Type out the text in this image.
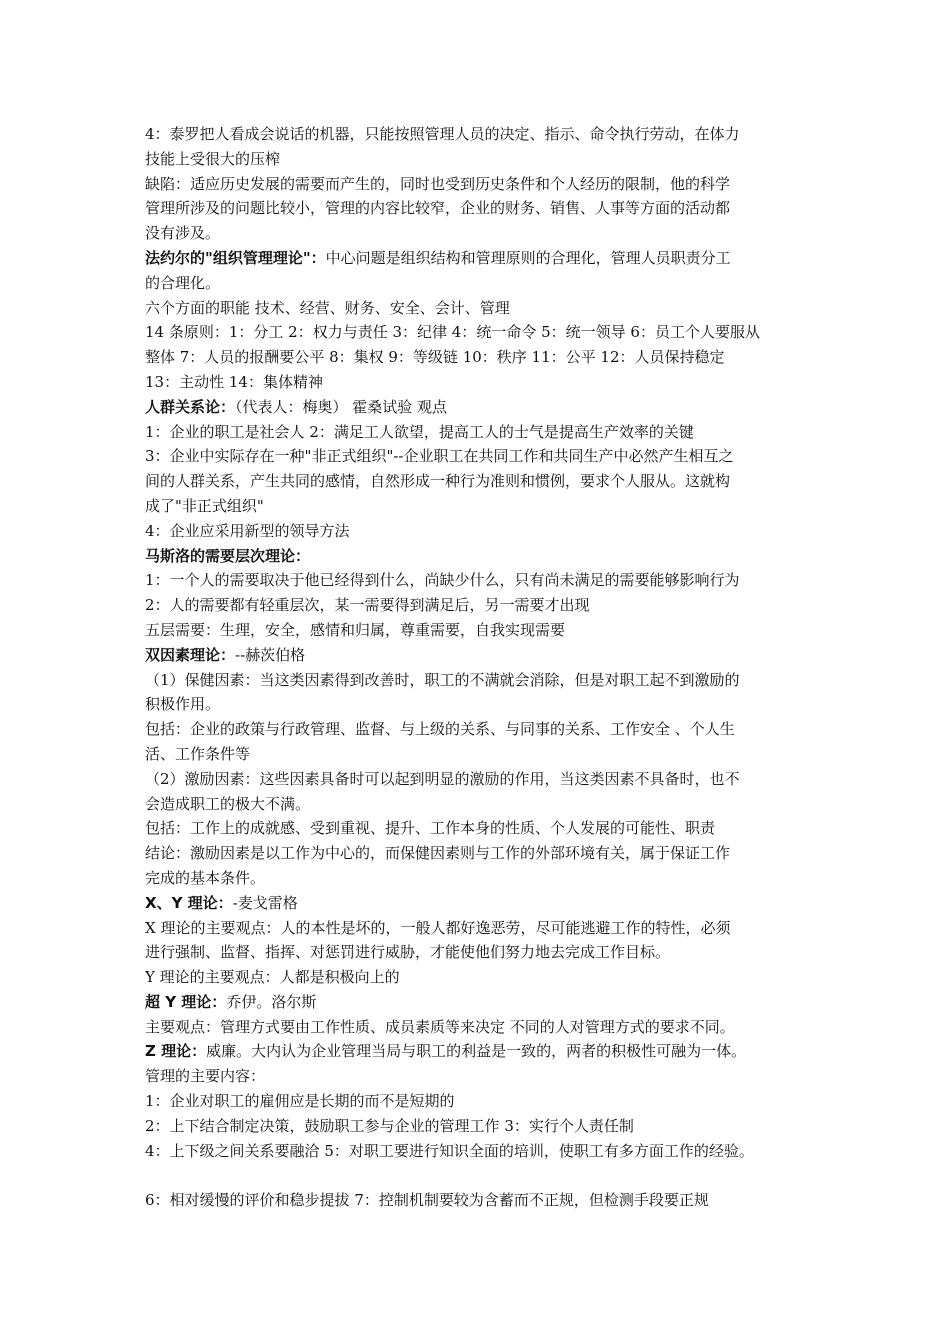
4：泰罗把人看成会说话的机器，只能按照管理人员的决定、指示、命令执行劳动，在体力
技能上受很大的压榨
缺陷：适应历史发展的需要而产生的，同时也受到历史条件和个人经历的限制，他的科学
管理所涉及的问题比较小，管理的内容比较窄，企业的财务、销售、人事等方面的活动都
没有涉及。
法约尔的"组织管理理论"：中心问题是组织结构和管理原则的合理化，管理人员职责分工
的合理化。
六个方面的职能 技术、经营、财务、安全、会计、管理
14 条原则：1：分工 2：权力与责任 3：纪律 4：统一命令 5：统一领导 6：员工个人要服从
整体 7：人员的报酬要公平 8：集权 9：等级链 10：秩序 11：公平 12：人员保持稳定
13：主动性 14：集体精神
人群关系论：（代表人：梅奥） 霍桑试验 观点
1：企业的职工是社会人 2：满足工人欲望，提高工人的士气是提高生产效率的关键
3：企业中实际存在一种"非正式组织"--企业职工在共同工作和共同生产中必然产生相互之
间的人群关系，产生共同的感情，自然形成一种行为准则和惯例，要求个人服从。这就构
成了"非正式组织"
4：企业应采用新型的领导方法
马斯洛的需要层次理论：
1：一个人的需要取决于他已经得到什么，尚缺少什么，只有尚未满足的需要能够影响行为
2：人的需要都有轻重层次，某一需要得到满足后，另一需要才出现
五层需要：生理，安全，感情和归属，尊重需要，自我实现需要
双因素理论：--赫茨伯格
（1）保健因素：当这类因素得到改善时，职工的不满就会消除，但是对职工起不到激励的
积极作用。
包括：企业的政策与行政管理、监督、与上级的关系、与同事的关系、工作安全 、个人生
活、工作条件等
（2）激励因素：这些因素具备时可以起到明显的激励的作用，当这类因素不具备时，也不
会造成职工的极大不满。
包括：工作上的成就感、受到重视、提升、工作本身的性质、个人发展的可能性、职责
结论：激励因素是以工作为中心的，而保健因素则与工作的外部环境有关，属于保证工作
完成的基本条件。
X、Y 理论：-麦戈雷格
X 理论的主要观点：人的本性是坏的，一般人都好逸恶劳，尽可能逃避工作的特性，必须
进行强制、监督、指挥、对惩罚进行威胁，才能使他们努力地去完成工作目标。
Y 理论的主要观点：人都是积极向上的
超 Y 理论：乔伊。洛尔斯
主要观点：管理方式要由工作性质、成员素质等来决定 不同的人对管理方式的要求不同。
Z 理论：威廉。大内认为企业管理当局与职工的利益是一致的，两者的积极性可融为一体。
管理的主要内容：
1：企业对职工的雇佣应是长期的而不是短期的
2：上下结合制定决策，鼓励职工参与企业的管理工作 3：实行个人责任制
4：上下级之间关系要融洽 5：对职工要进行知识全面的培训，使职工有多方面工作的经验。
6：相对缓慢的评价和稳步提拔 7：控制机制要较为含蓄而不正规，但检测手段要正规
